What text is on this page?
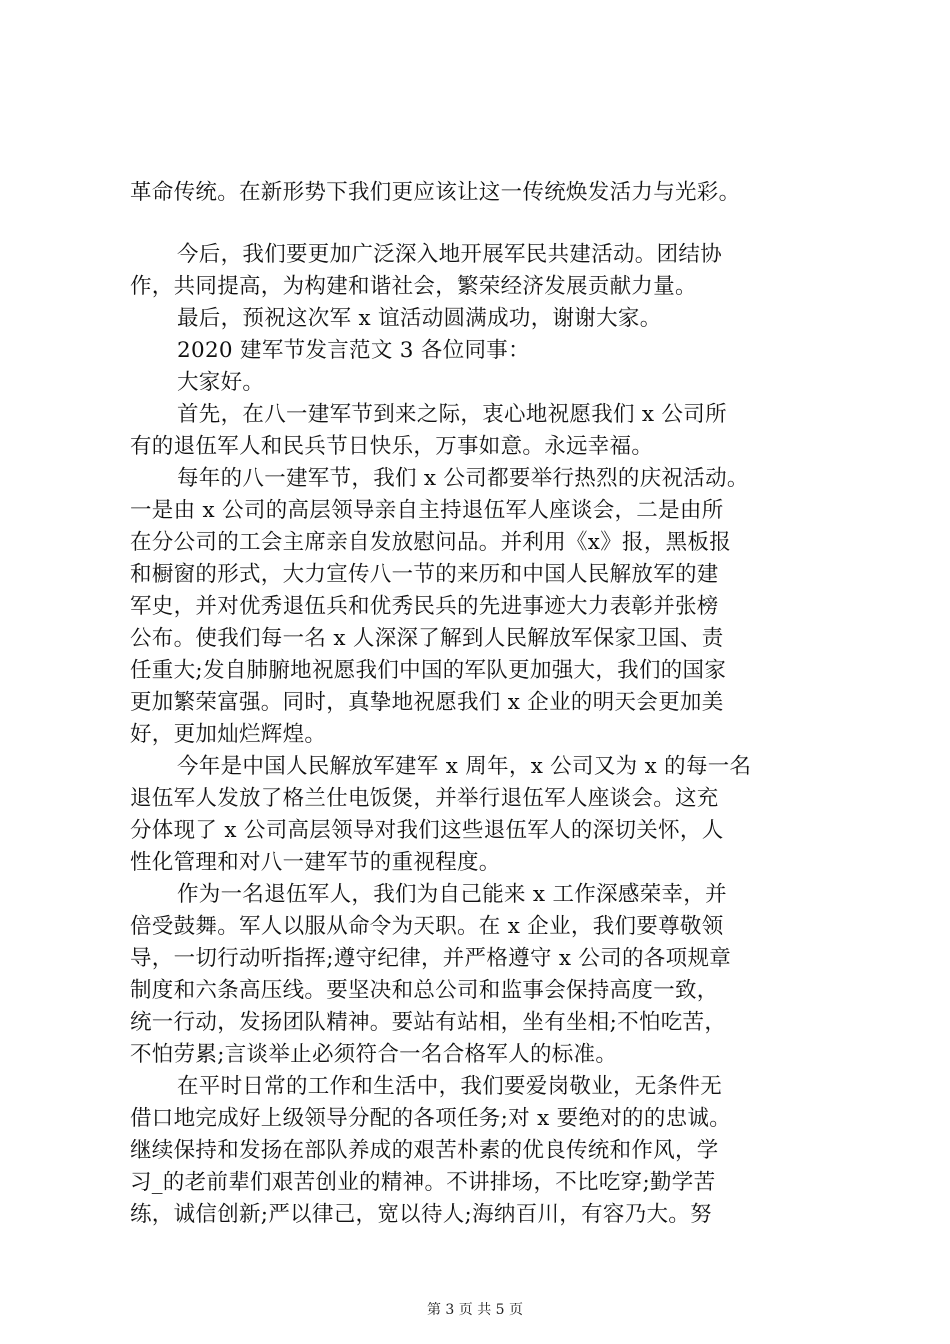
革命传统。在新形势下我们更应该让这一传统焕发活力与光彩。
今后，我们要更加广泛深入地开展军民共建活动。团结协
作，共同提高，为构建和谐社会，繁荣经济发展贡献力量。
最后，预祝这次军 x 谊活动圆满成功，谢谢大家。
2020 建军节发言范文 3 各位同事：
大家好。
首先，在八一建军节到来之际，衷心地祝愿我们 x 公司所
有的退伍军人和民兵节日快乐，万事如意。永远幸福。
每年的八一建军节，我们 x 公司都要举行热烈的庆祝活动。
一是由 x 公司的高层领导亲自主持退伍军人座谈会，二是由所
在分公司的工会主席亲自发放慰问品。并利用《x》报，黑板报
和橱窗的形式，大力宣传八一节的来历和中国人民解放军的建
军史，并对优秀退伍兵和优秀民兵的先进事迹大力表彰并张榜
公布。使我们每一名 x 人深深了解到人民解放军保家卫国、责
任重大;发自肺腑地祝愿我们中国的军队更加强大，我们的国家
更加繁荣富强。同时，真挚地祝愿我们 x 企业的明天会更加美
好，更加灿烂辉煌。
今年是中国人民解放军建军 x 周年，x 公司又为 x 的每一名
退伍军人发放了格兰仕电饭煲，并举行退伍军人座谈会。这充
分体现了 x 公司高层领导对我们这些退伍军人的深切关怀，人
性化管理和对八一建军节的重视程度。
作为一名退伍军人，我们为自己能来 x 工作深感荣幸，并
倍受鼓舞。军人以服从命令为天职。在 x 企业，我们要尊敬领
导，一切行动听指挥;遵守纪律，并严格遵守 x 公司的各项规章
制度和六条高压线。要坚决和总公司和监事会保持高度一致，
统一行动，发扬团队精神。要站有站相，坐有坐相;不怕吃苦，
不怕劳累;言谈举止必须符合一名合格军人的标准。
在平时日常的工作和生活中，我们要爱岗敬业，无条件无
借口地完成好上级领导分配的各项任务;对 x 要绝对的的忠诚。
继续保持和发扬在部队养成的艰苦朴素的优良传统和作风，学
习_的老前辈们艰苦创业的精神。不讲排场，不比吃穿;勤学苦
练，诚信创新;严以律己，宽以待人;海纳百川，有容乃大。努
第 3 页 共 5 页
